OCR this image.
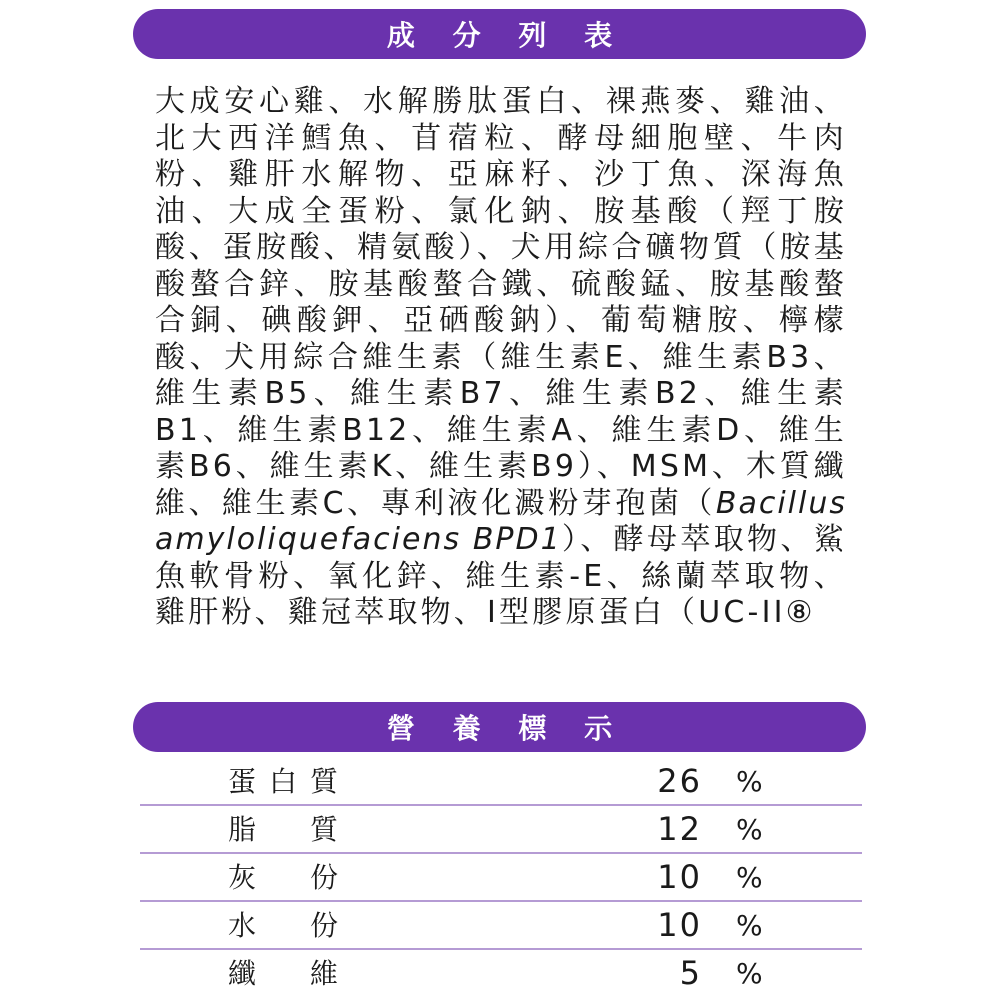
成 分 列 表
大成安心雞、水解勝肽蛋白、裸燕麥、雞油、北大西洋鱈魚、苜蓿粒、酵母細胞壁、牛肉粉、雞肝水解物、亞麻籽、沙丁魚、深海魚油、大成全蛋粉、氯化鈉、胺基酸（羥丁胺酸、蛋胺酸、精氨酸）、犬用綜合礦物質（胺基酸螯合鋅、胺基酸螯合鐵、硫酸錳、胺基酸螯合銅、碘酸鉀、亞硒酸鈉）、葡萄糖胺、檸檬酸、犬用綜合維生素（維生素E、維生素B3、維生素B5、維生素B7、維生素B2、維生素B1、維生素B12、維生素A、維生素D、維生素B6、維生素K、維生素B9）、MSM、木質纖維、維生素C、專利液化澱粉芽孢菌（Bacillus amyloliquefaciens BPD1）、酵母萃取物、鯊魚軟骨粉、氧化鋅、維生素-E、絲蘭萃取物、雞肝粉、雞冠萃取物、I型膠原蛋白（UC-II⑧
營 養 標 示
蛋 白 質	26 %
脂 質	12 %
灰 份	10 %
水 份	10 %
纖 維	5 %
